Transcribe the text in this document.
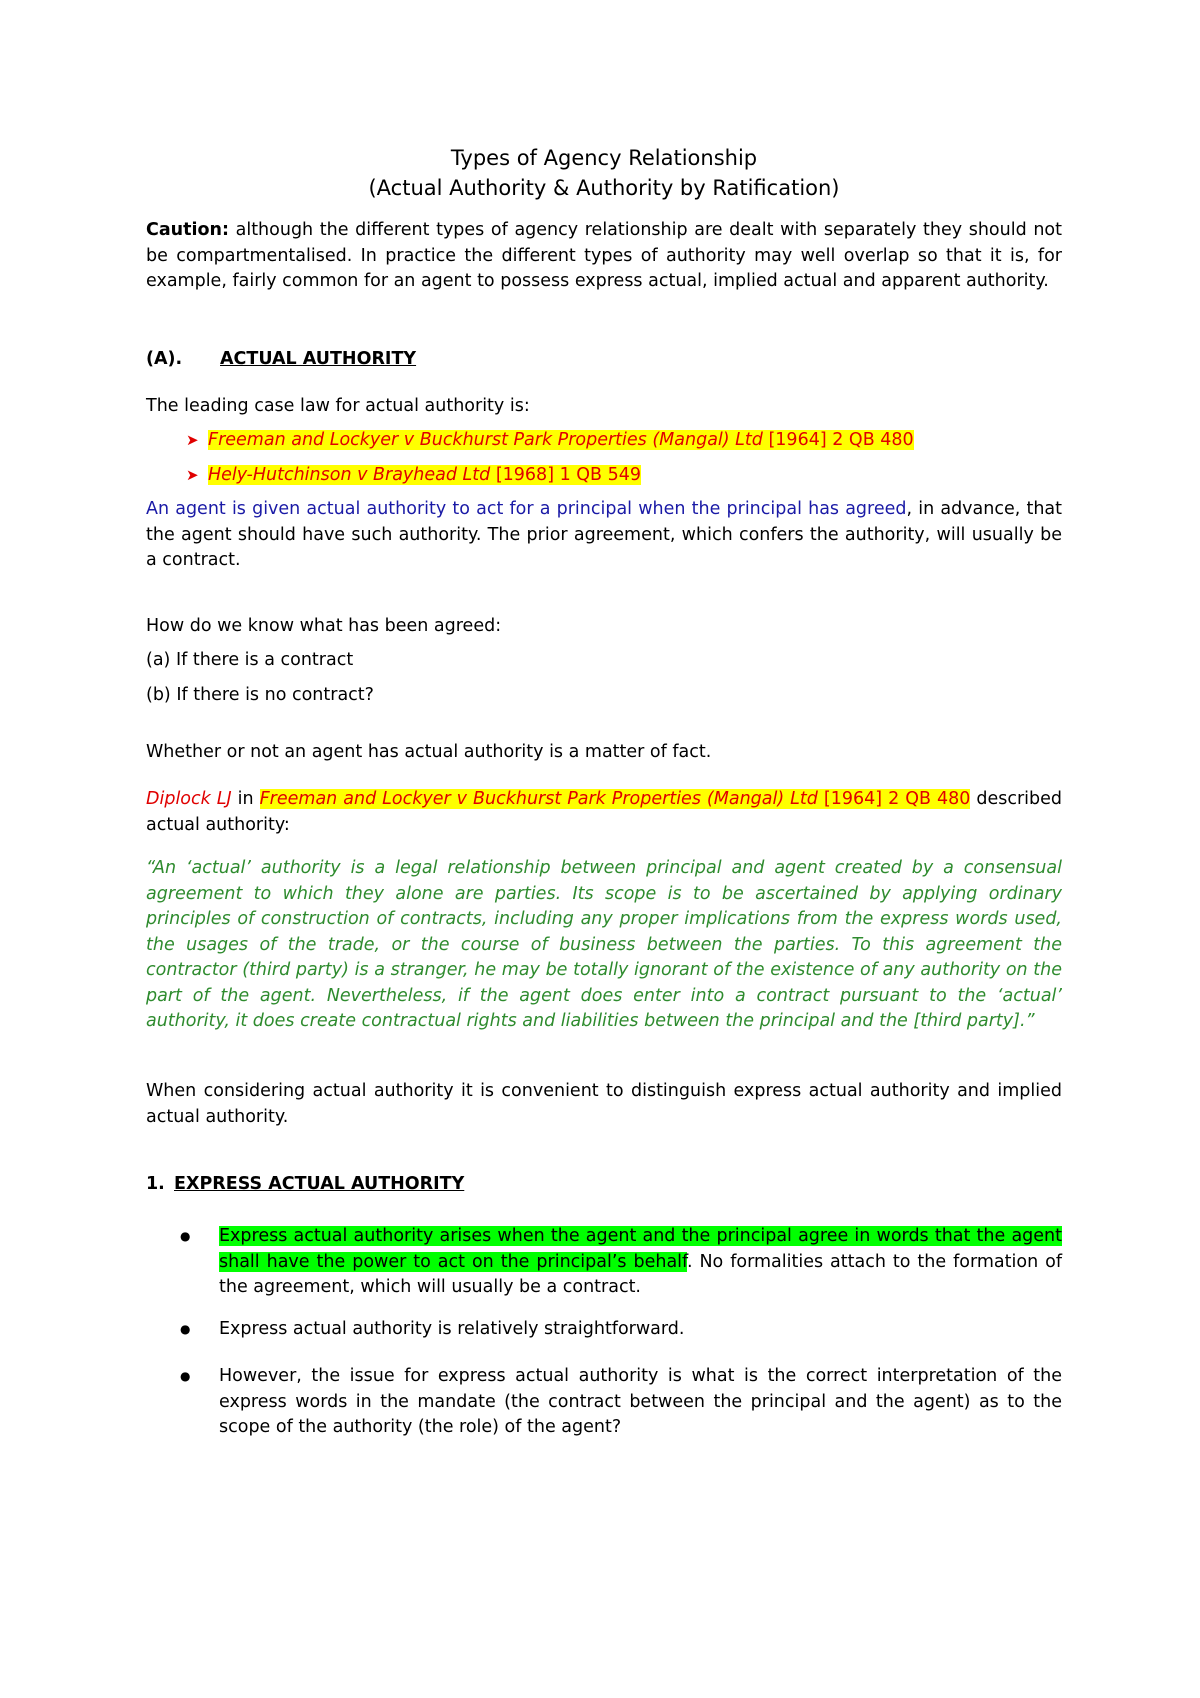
Types of Agency Relationship
(Actual Authority & Authority by Ratification)
Caution: although the different types of agency relationship are dealt with separately they should not be compartmentalised. In practice the different types of authority may well overlap so that it is, for example, fairly common for an agent to possess express actual, implied actual and apparent authority.
(A). ACTUAL AUTHORITY
The leading case law for actual authority is:
➤ Freeman and Lockyer v Buckhurst Park Properties (Mangal) Ltd [1964] 2 QB 480
➤ Hely-Hutchinson v Brayhead Ltd [1968] 1 QB 549
An agent is given actual authority to act for a principal when the principal has agreed, in advance, that the agent should have such authority. The prior agreement, which confers the authority, will usually be a contract.
How do we know what has been agreed:
(a) If there is a contract
(b) If there is no contract?
Whether or not an agent has actual authority is a matter of fact.
Diplock LJ in Freeman and Lockyer v Buckhurst Park Properties (Mangal) Ltd [1964] 2 QB 480 described actual authority:
“An ‘actual’ authority is a legal relationship between principal and agent created by a consensual agreement to which they alone are parties. Its scope is to be ascertained by applying ordinary principles of construction of contracts, including any proper implications from the express words used, the usages of the trade, or the course of business between the parties. To this agreement the contractor (third party) is a stranger, he may be totally ignorant of the existence of any authority on the part of the agent. Nevertheless, if the agent does enter into a contract pursuant to the ‘actual’ authority, it does create contractual rights and liabilities between the principal and the [third party].”
When considering actual authority it is convenient to distinguish express actual authority and implied actual authority.
1. EXPRESS ACTUAL AUTHORITY
● Express actual authority arises when the agent and the principal agree in words that the agent shall have the power to act on the principal’s behalf. No formalities attach to the formation of the agreement, which will usually be a contract.
● Express actual authority is relatively straightforward.
● However, the issue for express actual authority is what is the correct interpretation of the express words in the mandate (the contract between the principal and the agent) as to the scope of the authority (the role) of the agent?
